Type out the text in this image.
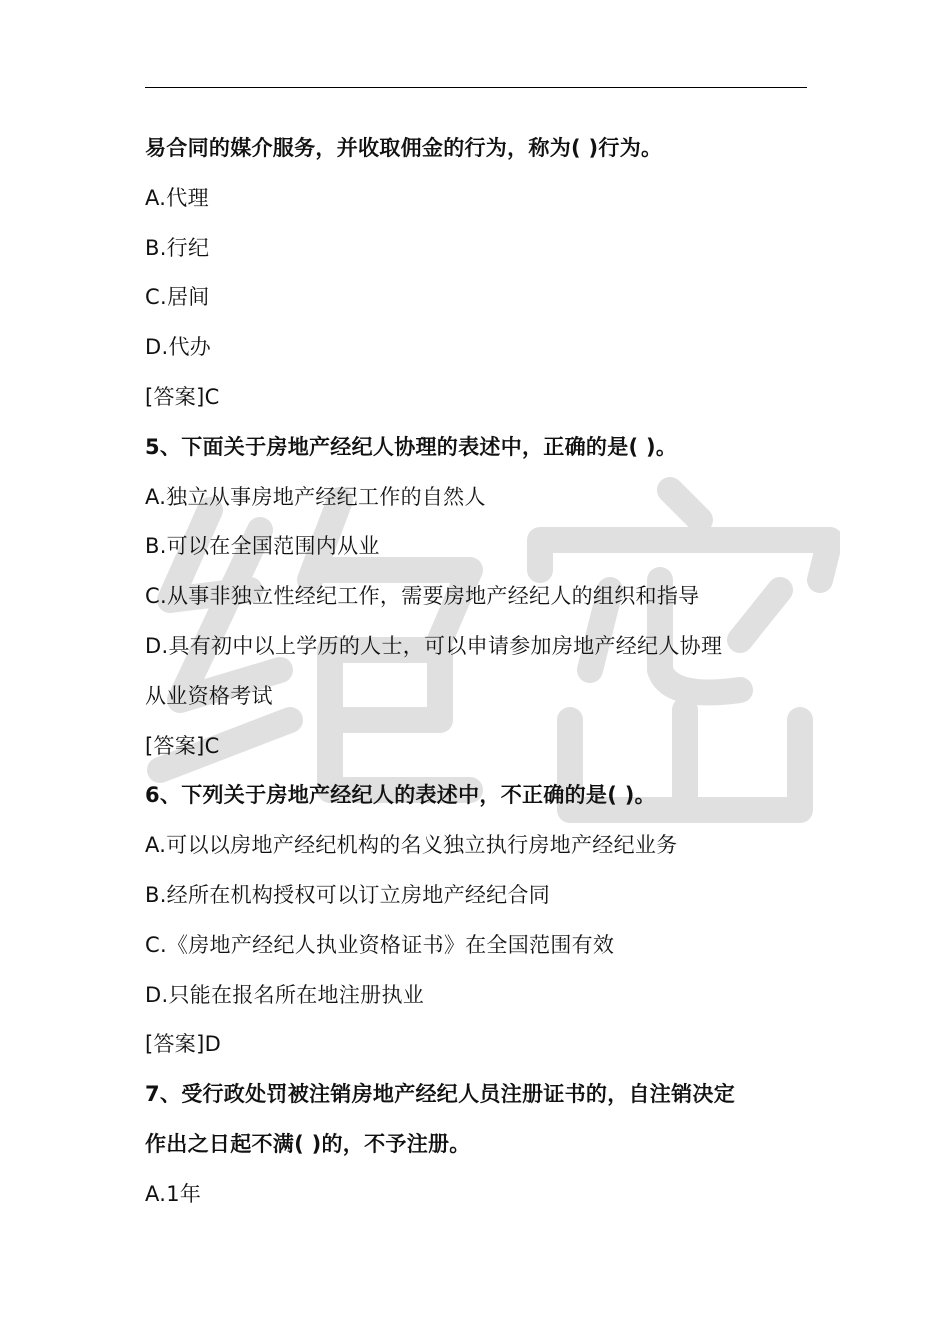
易合同的媒介服务，并收取佣金的行为，称为( )行为。
A.代理
B.行纪
C.居间
D.代办
[答案]C
5、下面关于房地产经纪人协理的表述中，正确的是( )。
A.独立从事房地产经纪工作的自然人
B.可以在全国范围内从业
C.从事非独立性经纪工作，需要房地产经纪人的组织和指导
D.具有初中以上学历的人士，可以申请参加房地产经纪人协理
从业资格考试
[答案]C
6、下列关于房地产经纪人的表述中，不正确的是( )。
A.可以以房地产经纪机构的名义独立执行房地产经纪业务
B.经所在机构授权可以订立房地产经纪合同
C.《房地产经纪人执业资格证书》在全国范围有效
D.只能在报名所在地注册执业
[答案]D
7、受行政处罚被注销房地产经纪人员注册证书的，自注销决定
作出之日起不满( )的，不予注册。
A.1年
